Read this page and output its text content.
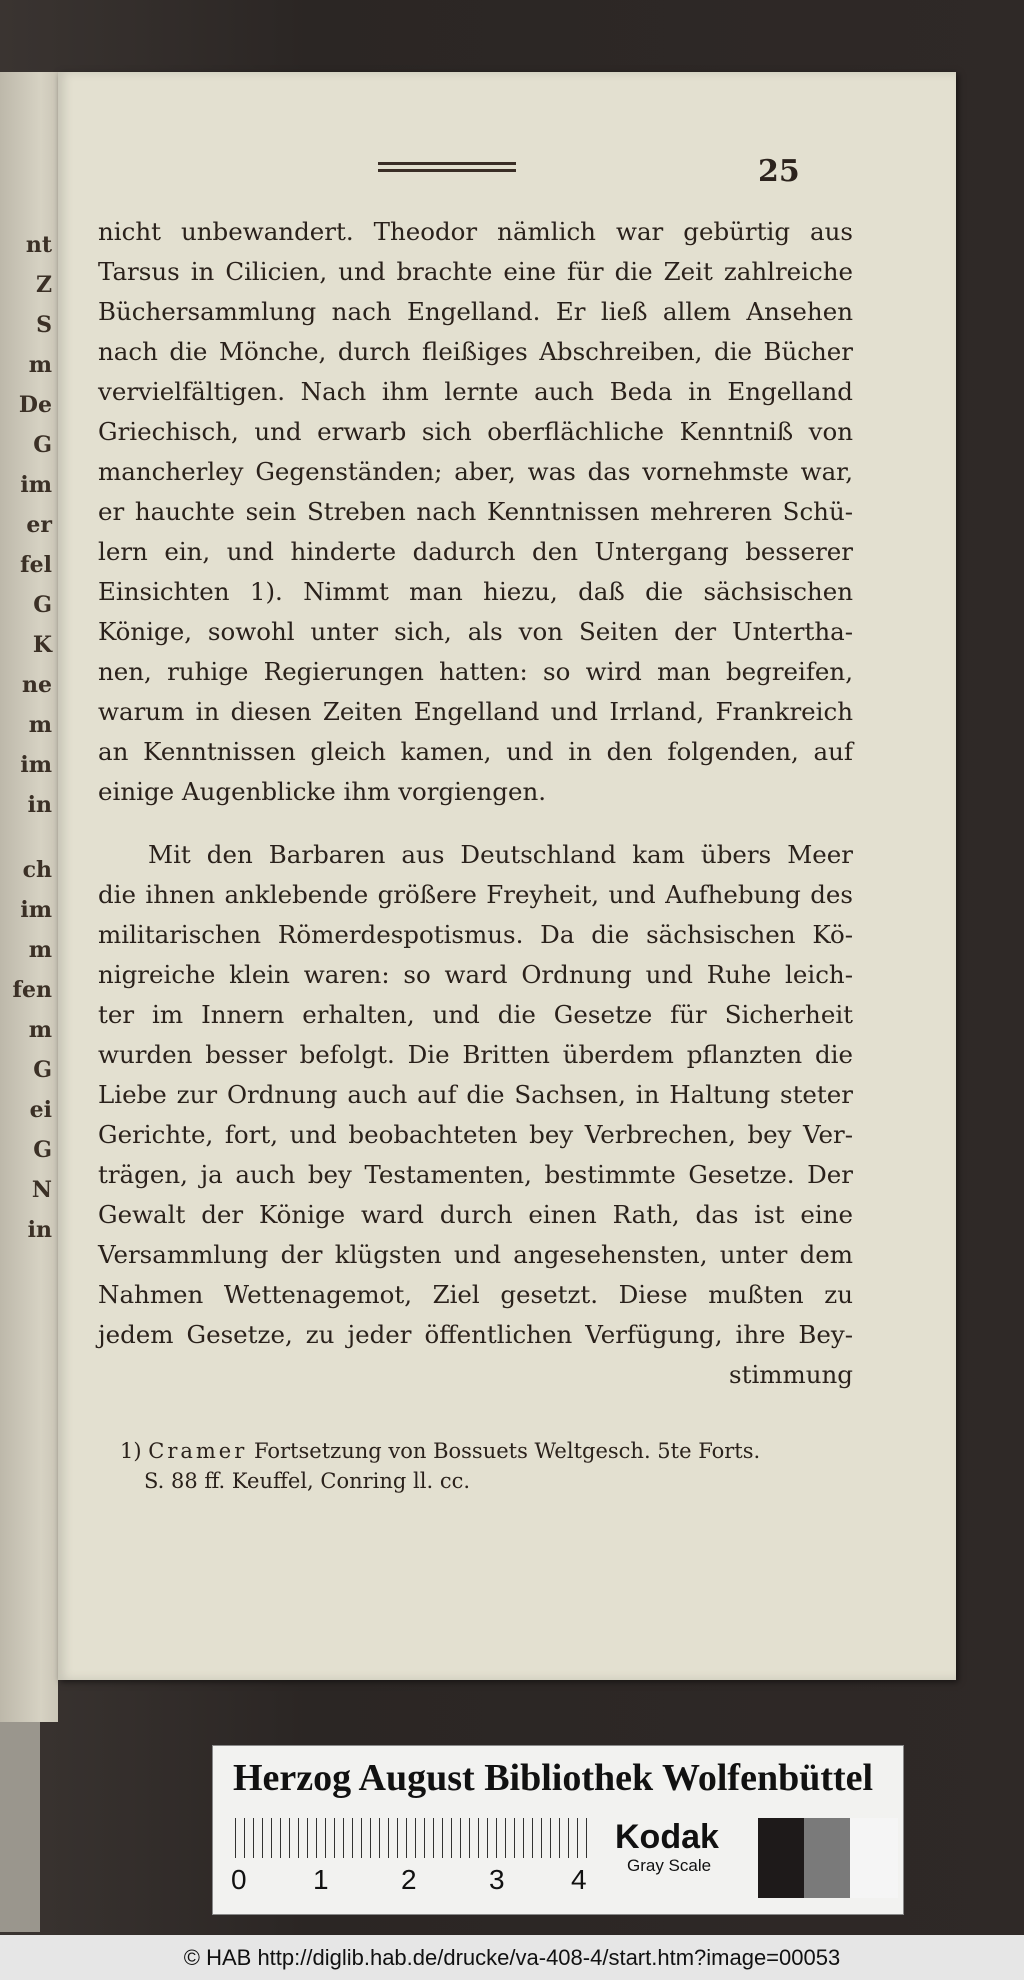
nt
Z
S
m
De
G
im
er
fel
G
K
ne
m
im
in
ch
im
m
fen
m
G
ei
G
N
in
25
nicht unbewandert. Theodor nämlich war gebürtig aus
Tarsus in Cilicien, und brachte eine für die Zeit zahlreiche
Büchersammlung nach Engelland. Er ließ allem Ansehen
nach die Mönche, durch fleißiges Abschreiben, die Bücher
vervielfältigen. Nach ihm lernte auch Beda in Engelland
Griechisch, und erwarb sich oberflächliche Kenntniß von
mancherley Gegenständen; aber, was das vornehmste war,
er hauchte sein Streben nach Kenntnissen mehreren Schü-
lern ein, und hinderte dadurch den Untergang besserer
Einsichten 1). Nimmt man hiezu, daß die sächsischen
Könige, sowohl unter sich, als von Seiten der Untertha-
nen, ruhige Regierungen hatten: so wird man begreifen,
warum in diesen Zeiten Engelland und Irrland, Frankreich
an Kenntnissen gleich kamen, und in den folgenden, auf
einige Augenblicke ihm vorgiengen.
Mit den Barbaren aus Deutschland kam übers Meer
die ihnen anklebende größere Freyheit, und Aufhebung des
militarischen Römerdespotismus. Da die sächsischen Kö-
nigreiche klein waren: so ward Ordnung und Ruhe leich-
ter im Innern erhalten, und die Gesetze für Sicherheit
wurden besser befolgt. Die Britten überdem pflanzten die
Liebe zur Ordnung auch auf die Sachsen, in Haltung steter
Gerichte, fort, und beobachteten bey Verbrechen, bey Ver-
trägen, ja auch bey Testamenten, bestimmte Gesetze. Der
Gewalt der Könige ward durch einen Rath, das ist eine
Versammlung der klügsten und angesehensten, unter dem
Nahmen Wettenagemot, Ziel gesetzt. Diese mußten zu
jedem Gesetze, zu jeder öffentlichen Verfügung, ihre Bey-
stimmung
1) Cramer Fortsetzung von Bossuets Weltgesch. 5te Forts.
S. 88 ff. Keuffel, Conring ll. cc.
Herzog August Bibliothek Wolfenbüttel
0 1	2	3 4
Kodak
Gray Scale
© HAB http://diglib.hab.de/drucke/va-408-4/start.htm?image=00053
